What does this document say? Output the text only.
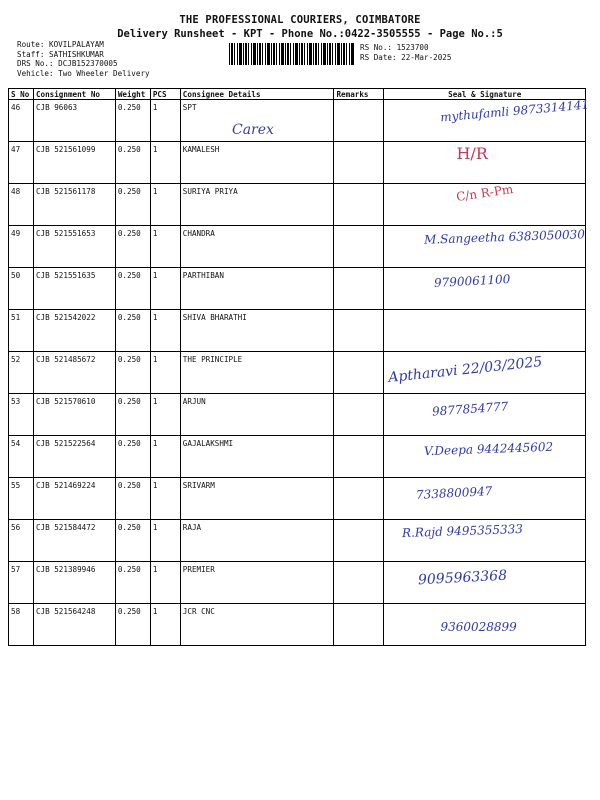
THE PROFESSIONAL COURIERS, COIMBATORE
Delivery Runsheet - KPT - Phone No.:0422-3505555 - Page No.:5
Route: KOVILPALAYAM
Staff: SATHISHKUMAR
DRS No.: DCJB152370005
Vehicle: Two Wheeler Delivery
RS No.: 1523700
RS Date: 22-Mar-2025
S No	Consignment No	Weight	PCS	Consignee Details	Remarks	Seal & Signature
46	CJB 96063	0.250	1	SPT		mythufamli 9873314141

47	CJB 521561099	0.250	1	KAMALESH		H/R

48	CJB 521561178	0.250	1	SURIYA PRIYA		C/n R-Pm

49	CJB 521551653	0.250	1	CHANDRA		M.Sangeetha 6383050030

50	CJB 521551635	0.250	1	PARTHIBAN		9790061100

51	CJB 521542022	0.250	1	SHIVA BHARATHI		

52	CJB 521485672	0.250	1	THE PRINCIPLE		Aptharavi 22/03/2025

53	CJB 521570610	0.250	1	ARJUN		9877854777

54	CJB 521522564	0.250	1	GAJALAKSHMI		V.Deepa 9442445602

55	CJB 521469224	0.250	1	SRIVARM		7338800947

56	CJB 521584472	0.250	1	RAJA		R.Rajd 9495355333

57	CJB 521389946	0.250	1	PREMIER		9095963368

58	CJB 521564248	0.250	1	JCR CNC		9360028899
Carex
